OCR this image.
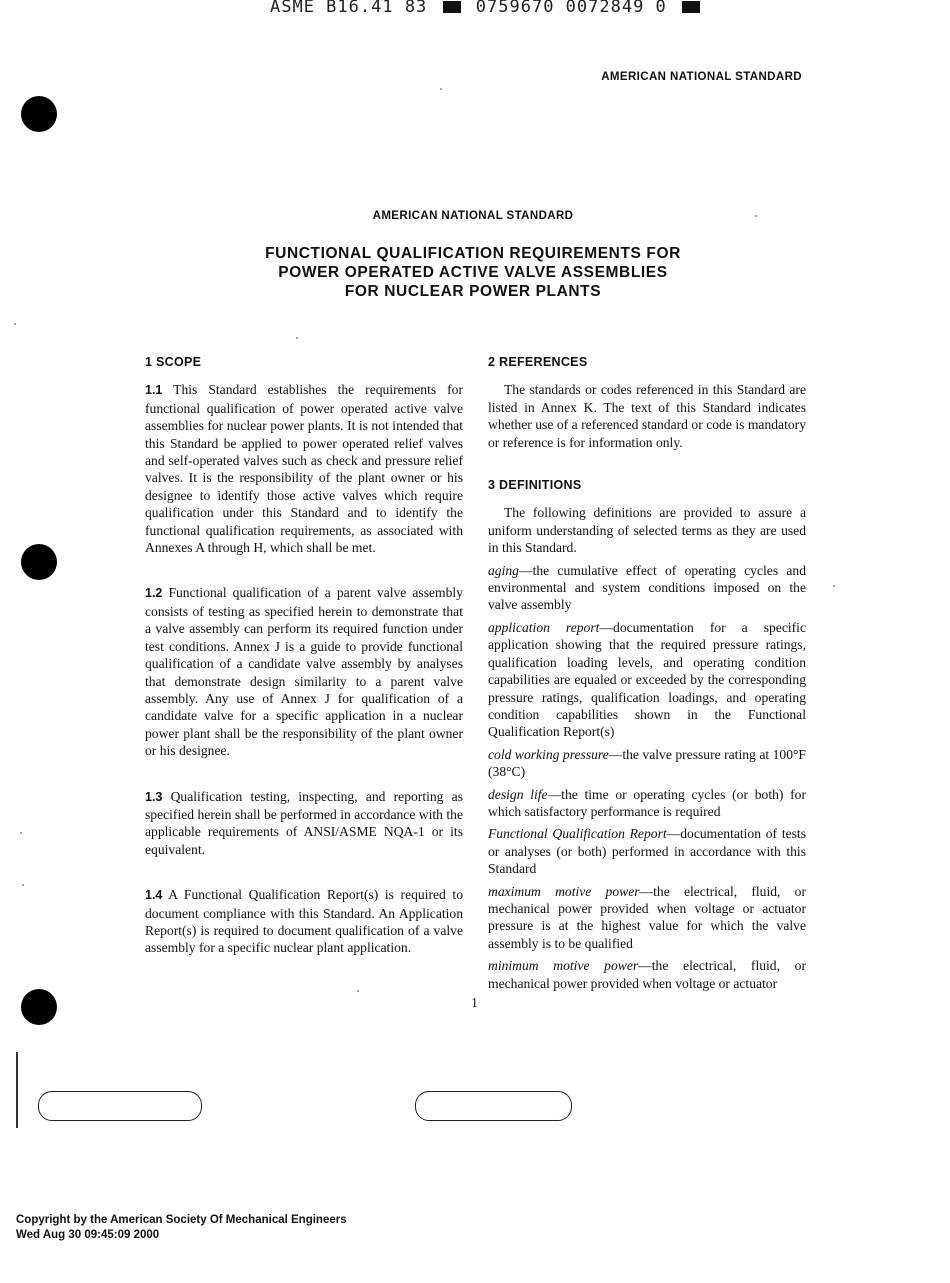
ASME B16.41 83	0759670 0072849 0
AMERICAN NATIONAL STANDARD
AMERICAN NATIONAL STANDARD
FUNCTIONAL QUALIFICATION REQUIREMENTS FOR
POWER OPERATED ACTIVE VALVE ASSEMBLIES
FOR NUCLEAR POWER PLANTS
1 SCOPE

1.1 This Standard establishes the requirements for functional qualification of power operated active valve assemblies for nuclear power plants. It is not intended that this Standard be applied to power operated relief valves and self-operated valves such as check and pressure relief valves. It is the responsibility of the plant owner or his designee to identify those active valves which require qualification under this Standard and to identify the functional qualification requirements, as associated with Annexes A through H, which shall be met.

1.2 Functional qualification of a parent valve assembly consists of testing as specified herein to demonstrate that a valve assembly can perform its required function under test conditions. Annex J is a guide to provide functional qualification of a candidate valve assembly by analyses that demonstrate design similarity to a parent valve assembly. Any use of Annex J for qualification of a candidate valve for a specific application in a nuclear power plant shall be the responsibility of the plant owner or his designee.

1.3 Qualification testing, inspecting, and reporting as specified herein shall be performed in accordance with the applicable requirements of ANSI/ASME NQA-1 or its equivalent.

1.4 A Functional Qualification Report(s) is required to document compliance with this Standard. An Application Report(s) is required to document qualification of a valve assembly for a specific nuclear plant application.

2 REFERENCES

The standards or codes referenced in this Standard are listed in Annex K. The text of this Standard indicates whether use of a referenced standard or code is mandatory or reference is for information only.

3 DEFINITIONS

The following definitions are provided to assure a uniform understanding of selected terms as they are used in this Standard.

aging—the cumulative effect of operating cycles and environmental and system conditions imposed on the valve assembly

application report—documentation for a specific application showing that the required pressure ratings, qualification loading levels, and operating condition capabilities are equaled or exceeded by the corresponding pressure ratings, qualification loadings, and operating condition capabilities shown in the Functional Qualification Report(s)

cold working pressure—the valve pressure rating at 100°F (38°C)

design life—the time or operating cycles (or both) for which satisfactory performance is required

Functional Qualification Report—documentation of tests or analyses (or both) performed in accordance with this Standard

maximum motive power—the electrical, fluid, or mechanical power provided when voltage or actuator pressure is at the highest value for which the valve assembly is to be qualified

minimum motive power—the electrical, fluid, or mechanical power provided when voltage or actuator

1
Copyright by the American Society Of Mechanical Engineers
Wed Aug 30 09:45:09 2000
